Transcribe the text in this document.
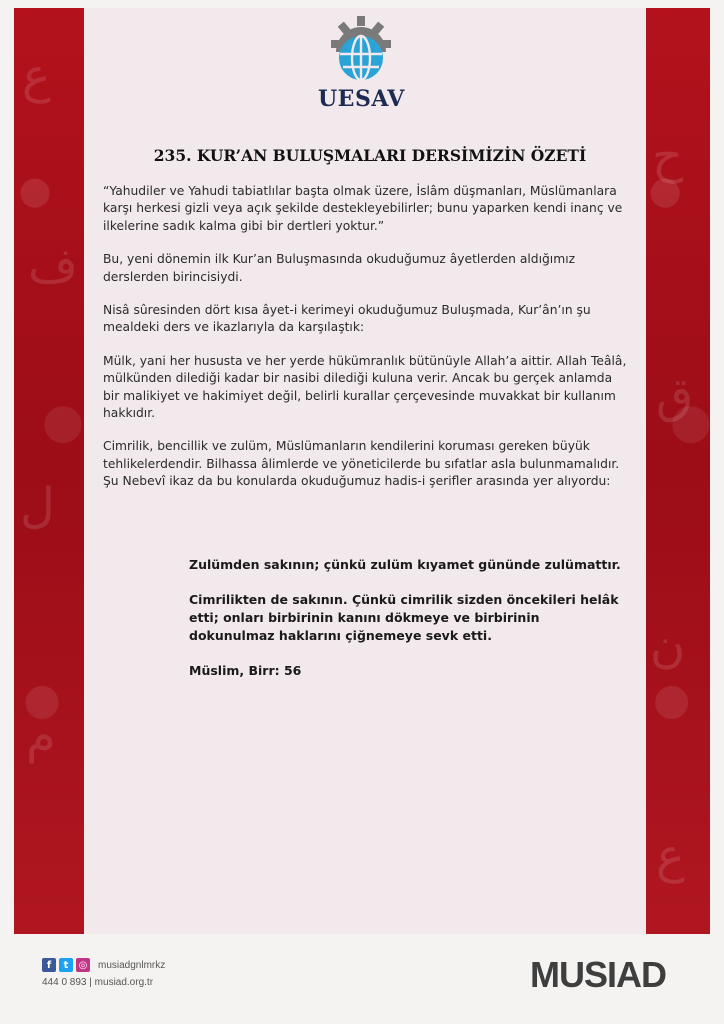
ع
ف
ل
م
ح
ق
ن
ع
UESAV
235. KUR’AN BULUŞMALARI DERSİMİZİN ÖZETİ

“Yahudiler ve Yahudi tabiatlılar başta olmak üzere, İslâm düşmanları, Müslümanlara karşı herkesi gizli veya açık şekilde destekleyebilirler; bunu yaparken kendi inanç ve ilkelerine sadık kalma gibi bir dertleri yoktur.”

Bu, yeni dönemin ilk Kur’an Buluşmasında okuduğumuz âyetlerden aldığımız derslerden birincisiydi.

Nisâ sûresinden dört kısa âyet-i kerimeyi okuduğumuz Buluşmada, Kur’ân’ın şu mealdeki ders ve ikazlarıyla da karşılaştık:

Mülk, yani her hususta ve her yerde hükümranlık bütünüyle Allah’a aittir. Allah Teâlâ, mülkünden dilediği kadar bir nasibi dilediği kuluna verir. Ancak bu gerçek anlamda bir malikiyet ve hakimiyet değil, belirli kurallar çerçevesinde muvakkat bir kullanım hakkıdır.

Cimrilik, bencillik ve zulüm, Müslümanların kendilerini koruması gereken büyük tehlikelerdendir. Bilhassa âlimlerde ve yöneticilerde bu sıfatlar asla bulunmamalıdır. Şu Nebevî ikaz da bu konularda okuduğumuz hadis-i şerifler arasında yer alıyordu:

Zulümden sakının; çünkü zulüm kıyamet gününde zulümattır.

Cimrilikten de sakının. Çünkü cimrilik sizden öncekileri helâk etti; onları birbirinin kanını dökmeye ve birbirinin dokunulmaz haklarını çiğnemeye sevk etti.

Müslim, Birr: 56

f	t	◎ musiadgnlmrkz
444 0 893 | musiad.org.tr	MUSIAD
